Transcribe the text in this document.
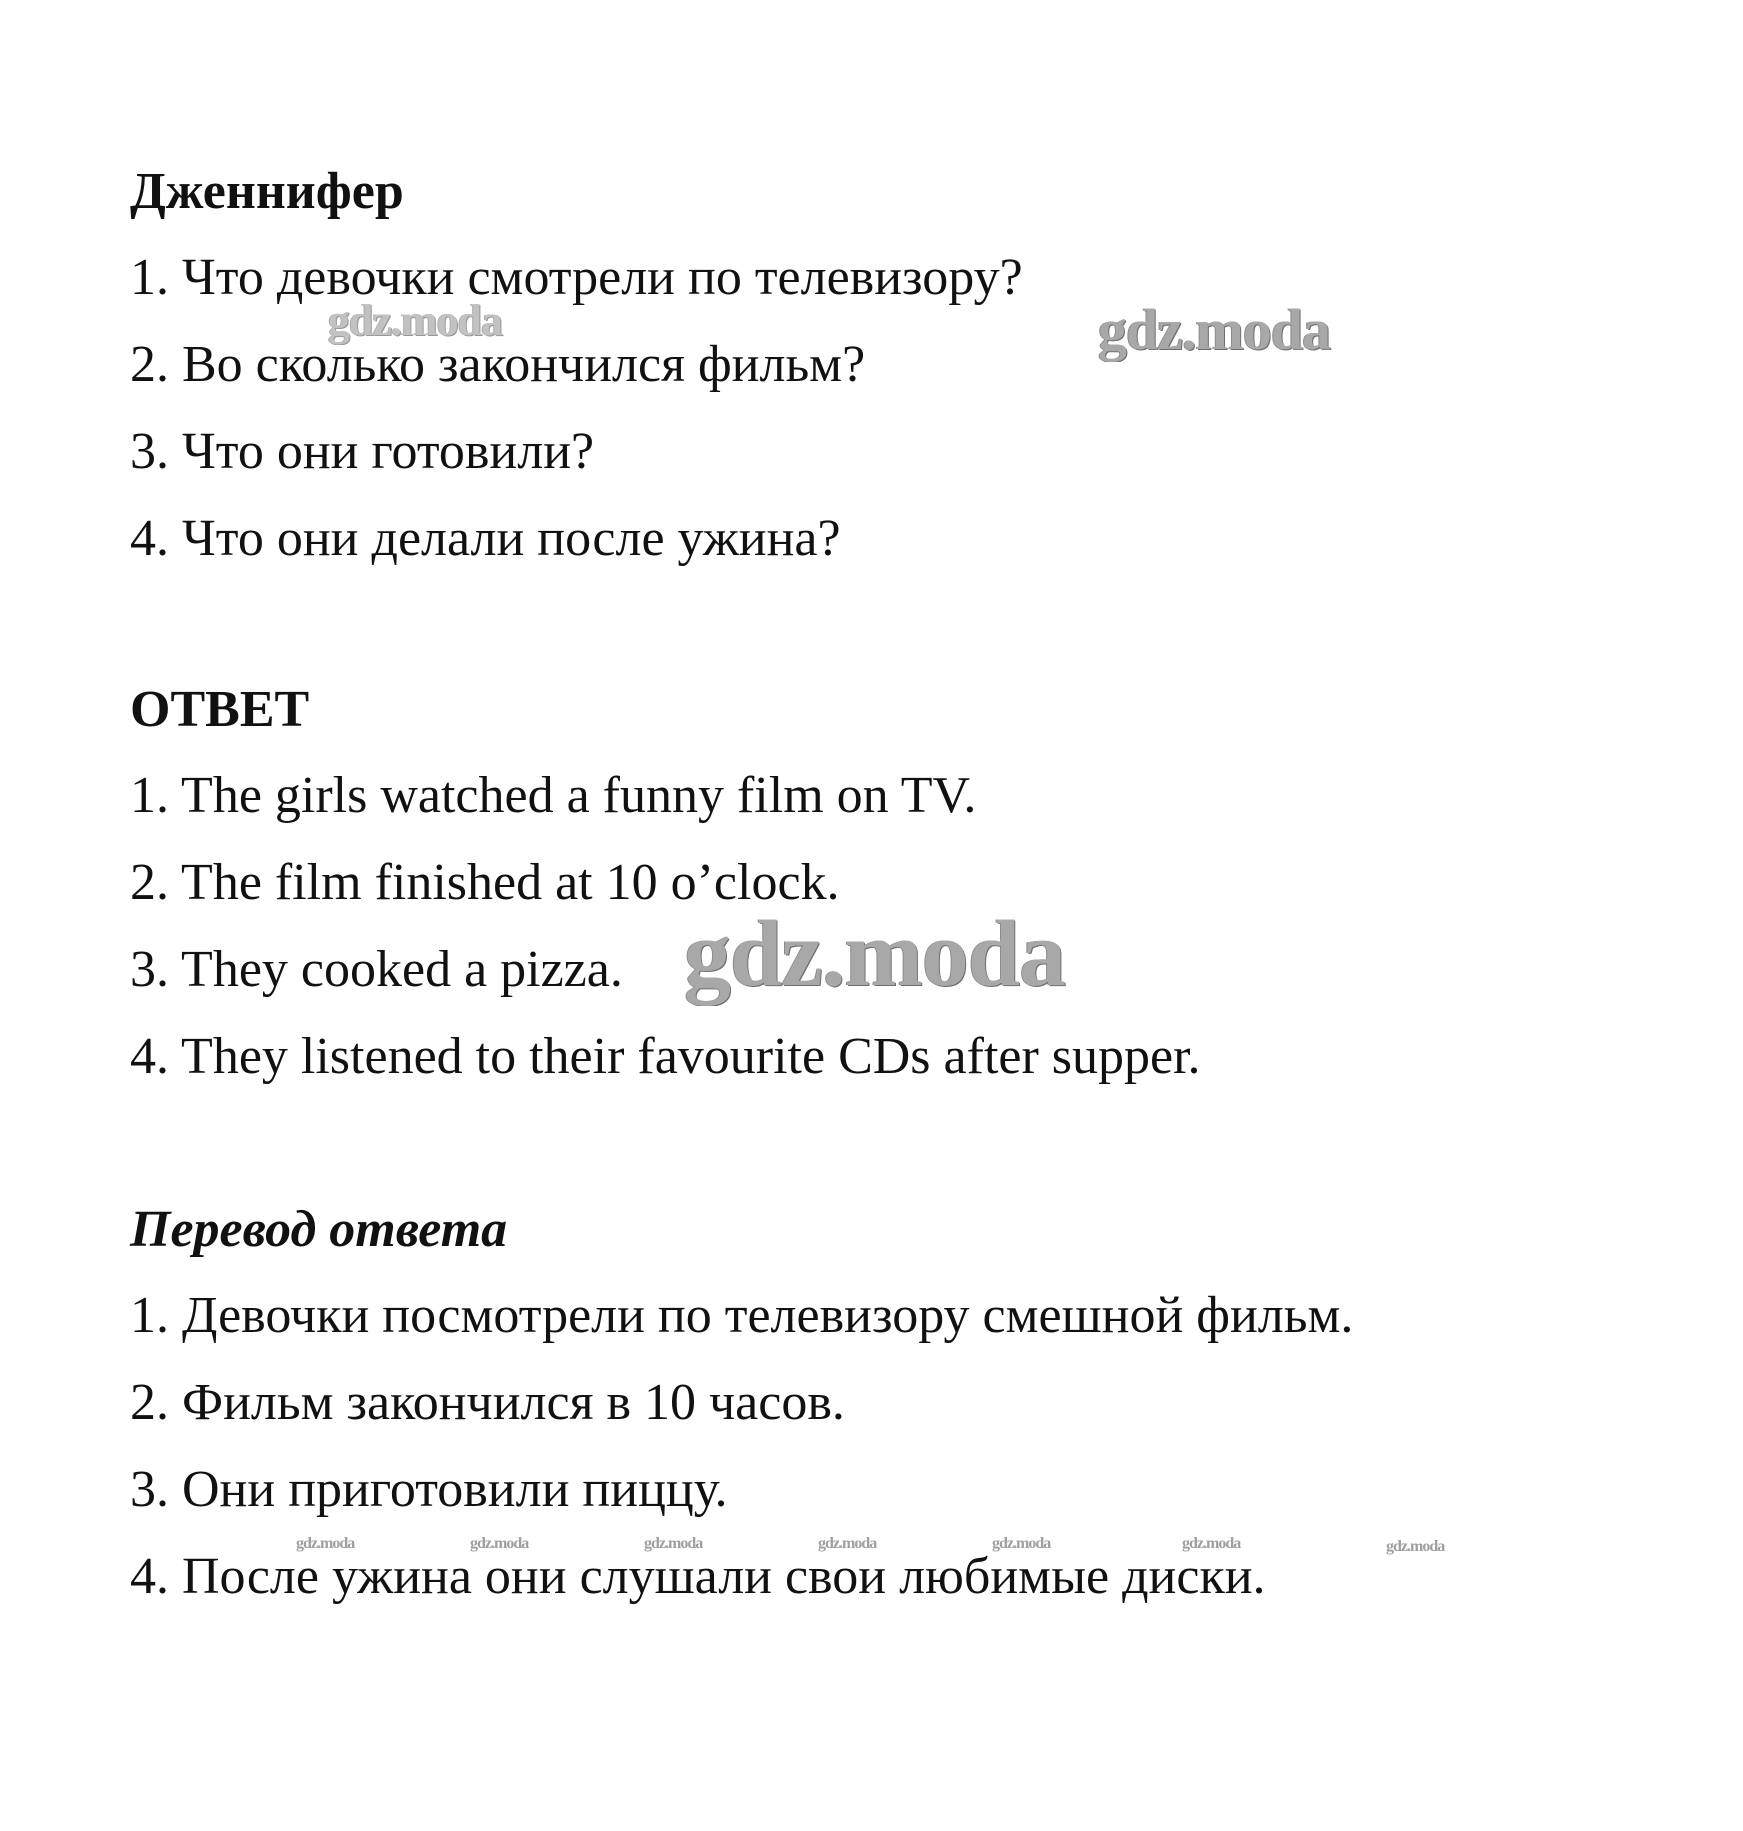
Дженнифер
1. Что девочки смотрели по телевизору?
2. Во сколько закончился фильм?
3. Что они готовили?
4. Что они делали после ужина?
ОТВЕТ
1. The girls watched a funny film on TV.
2. The film finished at 10 o’clock.
3. They cooked a pizza.
4. They listened to their favourite CDs after supper.
Перевод ответа
1. Девочки посмотрели по телевизору смешной фильм.
2. Фильм закончился в 10 часов.
3. Они приготовили пиццу.
4. После ужина они слушали свои любимые диски.
gdz.moda	gdz.moda
gdz.moda
gdz.moda	gdz.moda	gdz.moda	gdz.moda	gdz.moda	gdz.moda	gdz.moda
